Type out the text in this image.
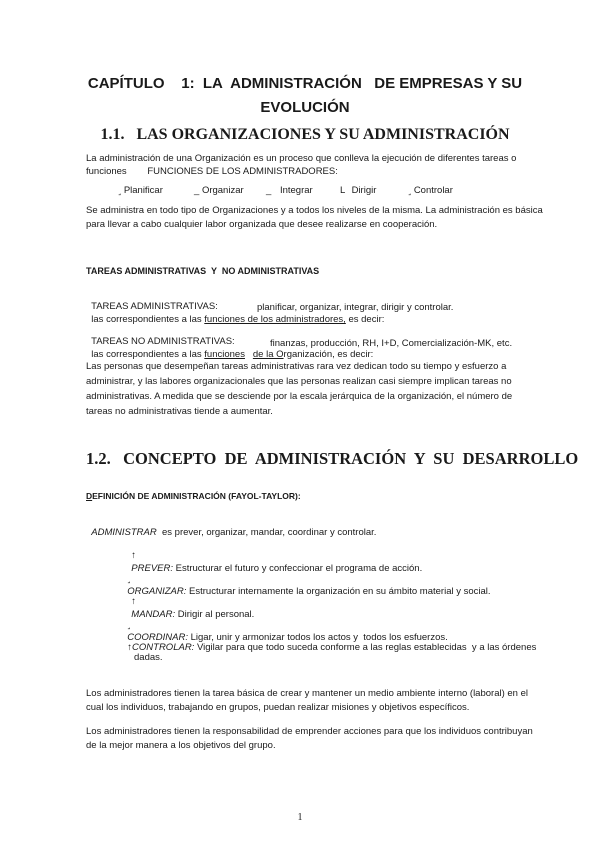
CAPÍTULO    1:  LA  ADMINISTRACIÓN   DE EMPRESAS Y SU
EVOLUCIÓN
1.1.   LAS ORGANIZACIONES Y SU ADMINISTRACIÓN
La administración de una Organización es un proceso que conlleva la ejecución de diferentes tareas o
funciones FUNCIONES DE LOS ADMINISTRADORES:
˼ Planificar	_ Organizar _ Integrar	L Dirigir	˼ Controlar
Se administra en todo tipo de Organizaciones y a todos los niveles de la misma. La administración es básica
para llevar a cabo cualquier labor organizada que desee realizarse en cooperación.
TAREAS ADMINISTRATIVAS  Y  NO ADMINISTRATIVAS

TAREAS ADMINISTRATIVAS:
las correspondientes a las funciones de los administradores, es decir:

planificar, organizar, integrar, dirigir y controlar.

TAREAS NO ADMINISTRATIVAS:
las correspondientes a las funciones de la Organización, es decir:

finanzas, producción, RH, I+D, Comercialización-MK, etc.
Las personas que desempeñan tareas administrativas rara vez dedican todo su tiempo y esfuerzo a
administrar, y las labores organizacionales que las personas realizan casi siempre implican tareas no
administrativas. A medida que se desciende por la escala jerárquica de la organización, el número de
tareas no administrativas tiende a aumentar.
1.2.   CONCEPTO  DE  ADMINISTRACIÓN  Y  SU  DESARROLLO
DEFINICIÓN DE ADMINISTRACIÓN (FAYOL-TAYLOR):

ADMINISTRAR  es prever, organizar, mandar, coordinar y controlar.

↑
PREVER: Estructurar el futuro y confeccionar el programa de acción.

˼
ORGANIZAR: Estructurar internamente la organización en su ámbito material y social.

↑
MANDAR: Dirigir al personal.

˼
COORDINAR: Ligar, unir y armonizar todos los actos y  todos los esfuerzos.

↑CONTROLAR: Vigilar para que todo suceda conforme a las reglas establecidas  y a las órdenes

dadas.
Los administradores tienen la tarea básica de crear y mantener un medio ambiente interno (laboral) en el
cual los individuos, trabajando en grupos, puedan realizar misiones y objetivos específicos.
Los administradores tienen la responsabilidad de emprender acciones para que los individuos contribuyan
de la mejor manera a los objetivos del grupo.
1
